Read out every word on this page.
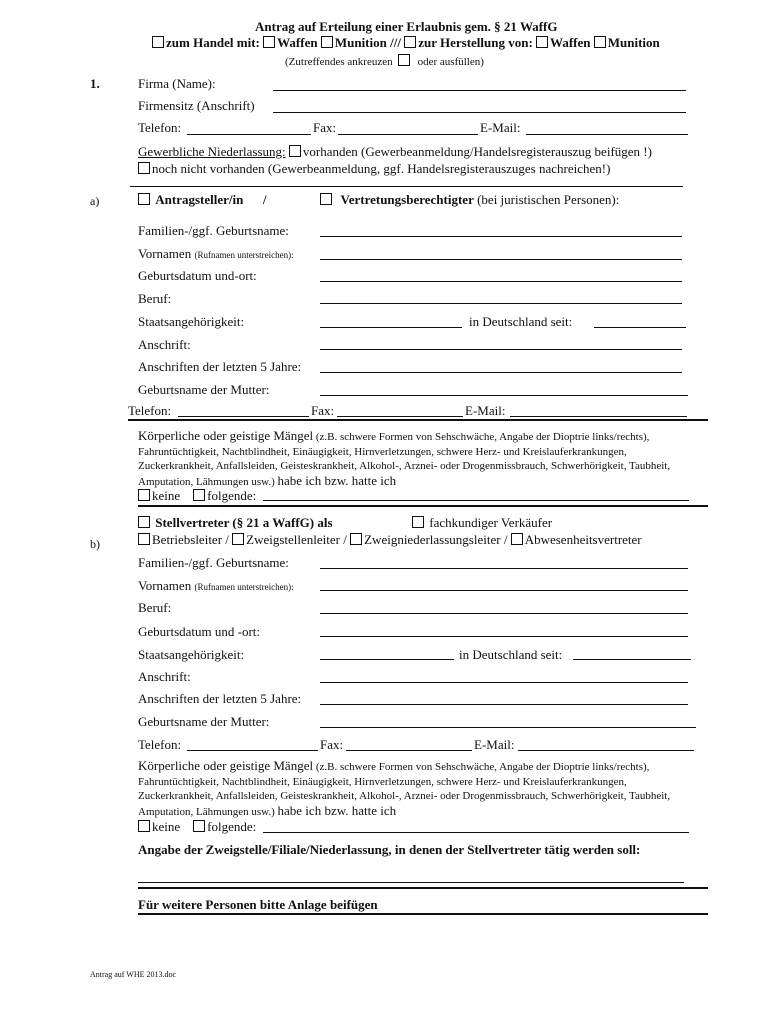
Antrag auf Erteilung einer Erlaubnis gem. § 21 WaffG
zum Handel mit: Waffen Munition /// zur Herstellung von: Waffen Munition
(Zutreffendes ankreuzen oder ausfüllen)
1.	Firma (Name):
Firmensitz (Anschrift)
Telefon:	Fax:	E-Mail:
Gewerbliche Niederlassung: vorhanden (Gewerbeanmeldung/Handelsregisterauszug beifügen !)
noch nicht vorhanden (Gewerbeanmeldung, ggf. Handelsregisterauszuges nachreichen!)
a)	Antragsteller/in /	Vertretungsberechtigter (bei juristischen Personen):
Familien-/ggf. Geburtsname:
Vornamen (Rufnamen unterstreichen):
Geburtsdatum und-ort:
Beruf:
Staatsangehörigkeit:	in Deutschland seit:
Anschrift:
Anschriften der letzten 5 Jahre:
Geburtsname der Mutter:
Telefon:	Fax:	E-Mail:
Körperliche oder geistige Mängel (z.B. schwere Formen von Sehschwäche, Angabe der Dioptrie links/rechts), Fahruntüchtigkeit, Nachtblindheit, Einäugigkeit, Hirnverletzungen, schwere Herz- und Kreislauferkrankungen, Zuckerkrankheit, Anfallsleiden, Geisteskrankheit, Alkohol-, Arznei- oder Drogenmissbrauch, Schwerhörigkeit, Taubheit, Amputation, Lähmungen usw.) habe ich bzw. hatte ich
keine folgende:
Stellvertreter (§ 21 a WaffG) als	fachkundiger Verkäufer
Betriebsleiter / Zweigstellenleiter / Zweigniederlassungsleiter / Abwesenheitsvertreter
b)
Familien-/ggf. Geburtsname:
Vornamen (Rufnamen unterstreichen):
Beruf:
Geburtsdatum und -ort:
Staatsangehörigkeit:	in Deutschland seit:
Anschrift:
Anschriften der letzten 5 Jahre:
Geburtsname der Mutter:
Telefon:	Fax:	E-Mail:
Körperliche oder geistige Mängel (z.B. schwere Formen von Sehschwäche, Angabe der Dioptrie links/rechts), Fahruntüchtigkeit, Nachtblindheit, Einäugigkeit, Hirnverletzungen, schwere Herz- und Kreislauferkrankungen, Zuckerkrankheit, Anfallsleiden, Geisteskrankheit, Alkohol-, Arznei- oder Drogenmissbrauch, Schwerhörigkeit, Taubheit, Amputation, Lähmungen usw.) habe ich bzw. hatte ich
keine folgende:
Angabe der Zweigstelle/Filiale/Niederlassung, in denen der Stellvertreter tätig werden soll:
Für weitere Personen bitte Anlage beifügen
Antrag auf WHE 2013.doc
